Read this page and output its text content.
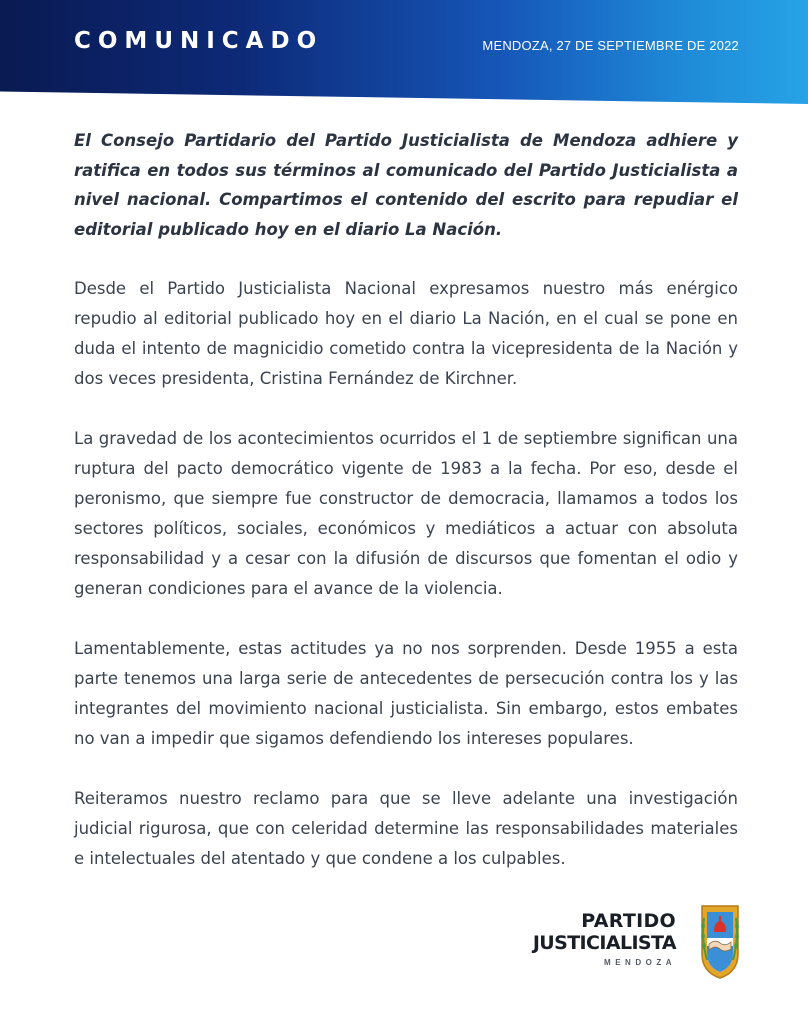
COMUNICADO	MENDOZA, 27 DE SEPTIEMBRE DE 2022

El Consejo Partidario del Partido Justicialista de Mendoza adhiere y ratifica en todos sus términos al comunicado del Partido Justicialista a nivel nacional. Compartimos el contenido del escrito para repudiar el editorial publicado hoy en el diario La Nación.

Desde el Partido Justicialista Nacional expresamos nuestro más enérgico repudio al editorial publicado hoy en el diario La Nación, en el cual se pone en duda el intento de magnicidio cometido contra la vicepresidenta de la Nación y dos veces presidenta, Cristina Fernández de Kirchner.

La gravedad de los acontecimientos ocurridos el 1 de septiembre significan una ruptura del pacto democrático vigente de 1983 a la fecha. Por eso, desde el peronismo, que siempre fue constructor de democracia, llamamos a todos los sectores políticos, sociales, económicos y mediáticos a actuar con absoluta responsabilidad y a cesar con la difusión de discursos que fomentan el odio y generan condiciones para el avance de la violencia.

Lamentablemente, estas actitudes ya no nos sorprenden. Desde 1955 a esta parte tenemos una larga serie de antecedentes de persecución contra los y las integrantes del movimiento nacional justicialista. Sin embargo, estos embates no van a impedir que sigamos defendiendo los intereses populares.

Reiteramos nuestro reclamo para que se lleve adelante una investigación judicial rigurosa, que con celeridad determine las responsabilidades materiales e intelectuales del atentado y que condene a los culpables.

PARTIDO
JUSTICIALISTA
MENDOZA
